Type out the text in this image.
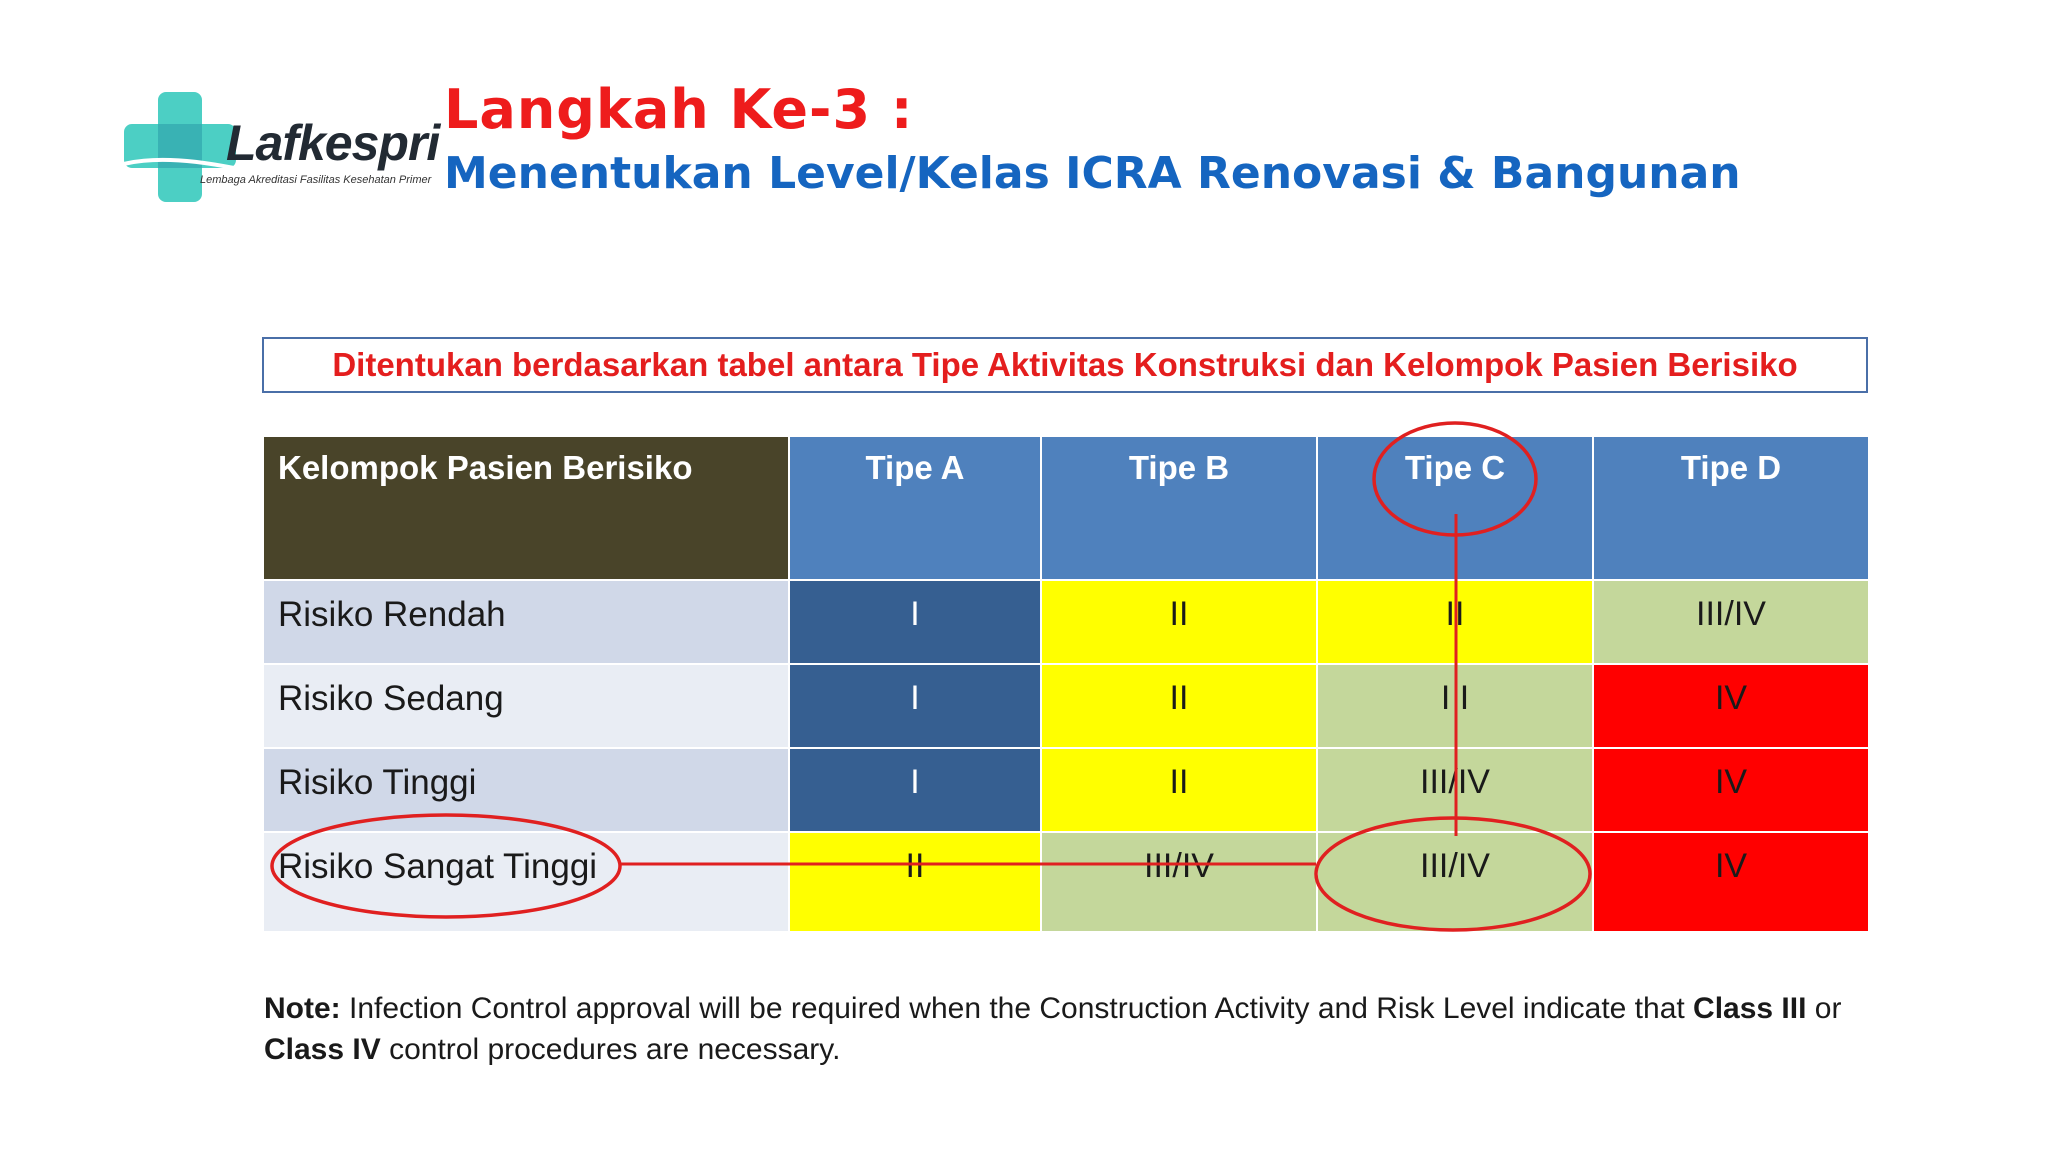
Lafkespri
Lembaga Akreditasi Fasilitas Kesehatan Primer
Langkah Ke-3 :
Menentukan Level/Kelas ICRA Renovasi & Bangunan
Ditentukan berdasarkan tabel antara Tipe Aktivitas Konstruksi dan Kelompok Pasien Berisiko
Kelompok Pasien Berisiko	Tipe A	Tipe B	Tipe C	Tipe D
Risiko Rendah	I	II	II	III/IV
Risiko Sedang	I	II	I I	IV
Risiko Tinggi	I	II	III/IV	IV
Risiko Sangat Tinggi	II	III/IV	III/IV	IV
Note: Infection Control approval will be required when the Construction Activity and Risk Level indicate that Class III or Class IV control procedures are necessary.
